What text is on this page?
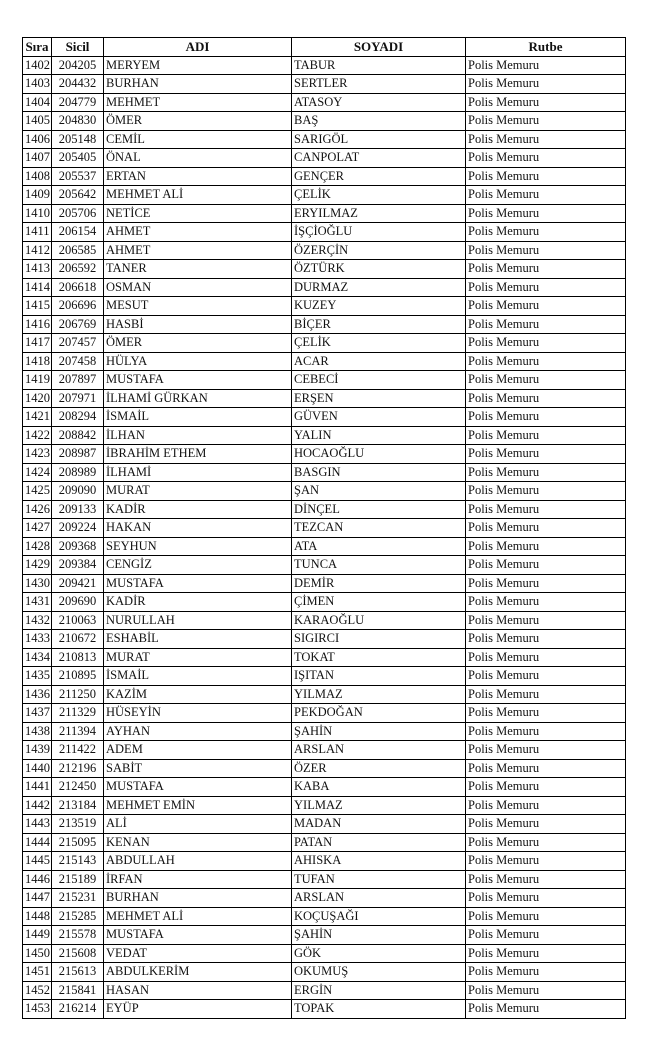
Sıra	Sicil	ADI	SOYADI	Rutbe
1402	204205	MERYEM	TABUR	Polis Memuru
1403	204432	BURHAN	SERTLER	Polis Memuru
1404	204779	MEHMET	ATASOY	Polis Memuru
1405	204830	ÖMER	BAŞ	Polis Memuru
1406	205148	CEMİL	SARIGÖL	Polis Memuru
1407	205405	ÖNAL	CANPOLAT	Polis Memuru
1408	205537	ERTAN	GENÇER	Polis Memuru
1409	205642	MEHMET ALİ	ÇELİK	Polis Memuru
1410	205706	NETİCE	ERYILMAZ	Polis Memuru
1411	206154	AHMET	İŞÇİOĞLU	Polis Memuru
1412	206585	AHMET	ÖZERÇİN	Polis Memuru
1413	206592	TANER	ÖZTÜRK	Polis Memuru
1414	206618	OSMAN	DURMAZ	Polis Memuru
1415	206696	MESUT	KUZEY	Polis Memuru
1416	206769	HASBİ	BİÇER	Polis Memuru
1417	207457	ÖMER	ÇELİK	Polis Memuru
1418	207458	HÜLYA	ACAR	Polis Memuru
1419	207897	MUSTAFA	CEBECİ	Polis Memuru
1420	207971	İLHAMİ GÜRKAN	ERŞEN	Polis Memuru
1421	208294	İSMAİL	GÜVEN	Polis Memuru
1422	208842	İLHAN	YALIN	Polis Memuru
1423	208987	İBRAHİM ETHEM	HOCAOĞLU	Polis Memuru
1424	208989	İLHAMİ	BASGIN	Polis Memuru
1425	209090	MURAT	ŞAN	Polis Memuru
1426	209133	KADİR	DİNÇEL	Polis Memuru
1427	209224	HAKAN	TEZCAN	Polis Memuru
1428	209368	SEYHUN	ATA	Polis Memuru
1429	209384	CENGİZ	TUNCA	Polis Memuru
1430	209421	MUSTAFA	DEMİR	Polis Memuru
1431	209690	KADİR	ÇİMEN	Polis Memuru
1432	210063	NURULLAH	KARAOĞLU	Polis Memuru
1433	210672	ESHABİL	SIGIRCI	Polis Memuru
1434	210813	MURAT	TOKAT	Polis Memuru
1435	210895	İSMAİL	IŞITAN	Polis Memuru
1436	211250	KAZİM	YILMAZ	Polis Memuru
1437	211329	HÜSEYİN	PEKDOĞAN	Polis Memuru
1438	211394	AYHAN	ŞAHİN	Polis Memuru
1439	211422	ADEM	ARSLAN	Polis Memuru
1440	212196	SABİT	ÖZER	Polis Memuru
1441	212450	MUSTAFA	KABA	Polis Memuru
1442	213184	MEHMET EMİN	YILMAZ	Polis Memuru
1443	213519	ALİ	MADAN	Polis Memuru
1444	215095	KENAN	PATAN	Polis Memuru
1445	215143	ABDULLAH	AHISKA	Polis Memuru
1446	215189	İRFAN	TUFAN	Polis Memuru
1447	215231	BURHAN	ARSLAN	Polis Memuru
1448	215285	MEHMET ALİ	KOÇUŞAĞI	Polis Memuru
1449	215578	MUSTAFA	ŞAHİN	Polis Memuru
1450	215608	VEDAT	GÖK	Polis Memuru
1451	215613	ABDULKERİM	OKUMUŞ	Polis Memuru
1452	215841	HASAN	ERGİN	Polis Memuru
1453	216214	EYÜP	TOPAK	Polis Memuru
